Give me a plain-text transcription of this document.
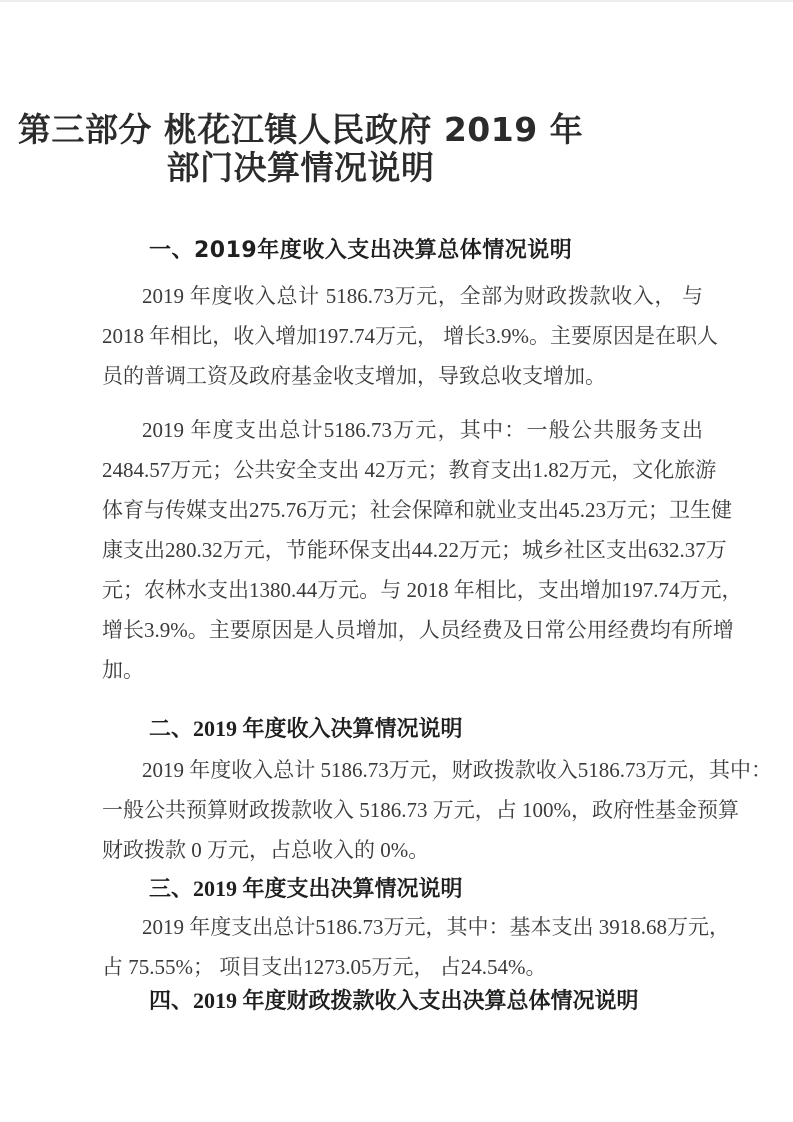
第三部分 桃花江镇人民政府 2019 年
部门决算情况说明
一、2019年度收入支出决算总体情况说明
2019 年度收入总计 5186.73万元，全部为财政拨款收入， 与
2018 年相比，收入增加197.74万元， 增长3.9%。主要原因是在职人
员的普调工资及政府基金收支增加，导致总收支增加。
2019 年度支出总计5186.73万元，其中：一般公共服务支出
2484.57万元；公共安全支出 42万元；教育支出1.82万元，文化旅游
体育与传媒支出275.76万元；社会保障和就业支出45.23万元；卫生健
康支出280.32万元，节能环保支出44.22万元；城乡社区支出632.37万
元；农林水支出1380.44万元。与 2018 年相比，支出增加197.74万元，
增长3.9%。主要原因是人员增加，人员经费及日常公用经费均有所增
加。
二、2019 年度收入决算情况说明
2019 年度收入总计 5186.73万元，财政拨款收入5186.73万元，其中：
一般公共预算财政拨款收入 5186.73 万元，占 100%，政府性基金预算
财政拨款 0 万元，占总收入的 0%。
三、2019 年度支出决算情况说明
2019 年度支出总计5186.73万元，其中：基本支出 3918.68万元，
占 75.55%； 项目支出1273.05万元， 占24.54%。
四、2019 年度财政拨款收入支出决算总体情况说明
